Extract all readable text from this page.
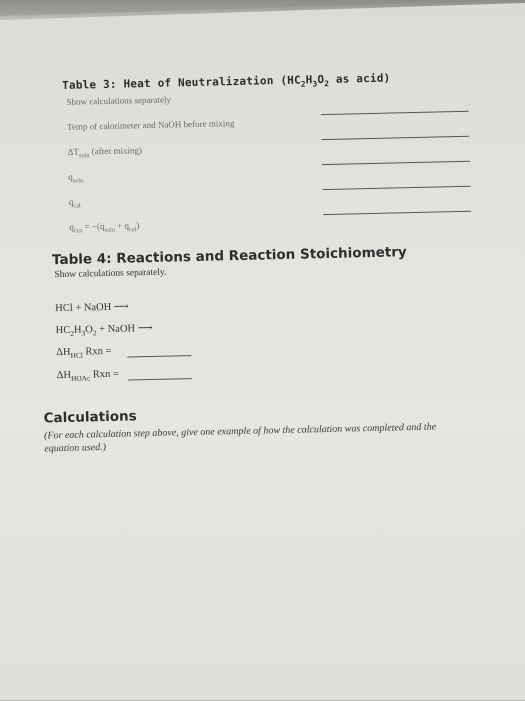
Table 3: Heat of Neutralization ($HC_2H_3O_2$ as acid)
Show calculations separately
Temp of calorimeter and NaOH before mixing
$\Delta T_{soln}$ (after mixing)
$q_{soln}$
$q_{cal}$
$q_{rxn} = -(q_{soln} + q_{cal})$
Table 4: Reactions and Reaction Stoichiometry
Show calculations separately.
HCl + NaOH ⟶
$HC_2H_3O_2$ + NaOH ⟶
$\Delta H_{HCl}$ Rxn =
$\Delta H_{HOAc}$ Rxn =
Calculations
(For each calculation step above, give one example of how the calculation was completed and the
equation used.)
